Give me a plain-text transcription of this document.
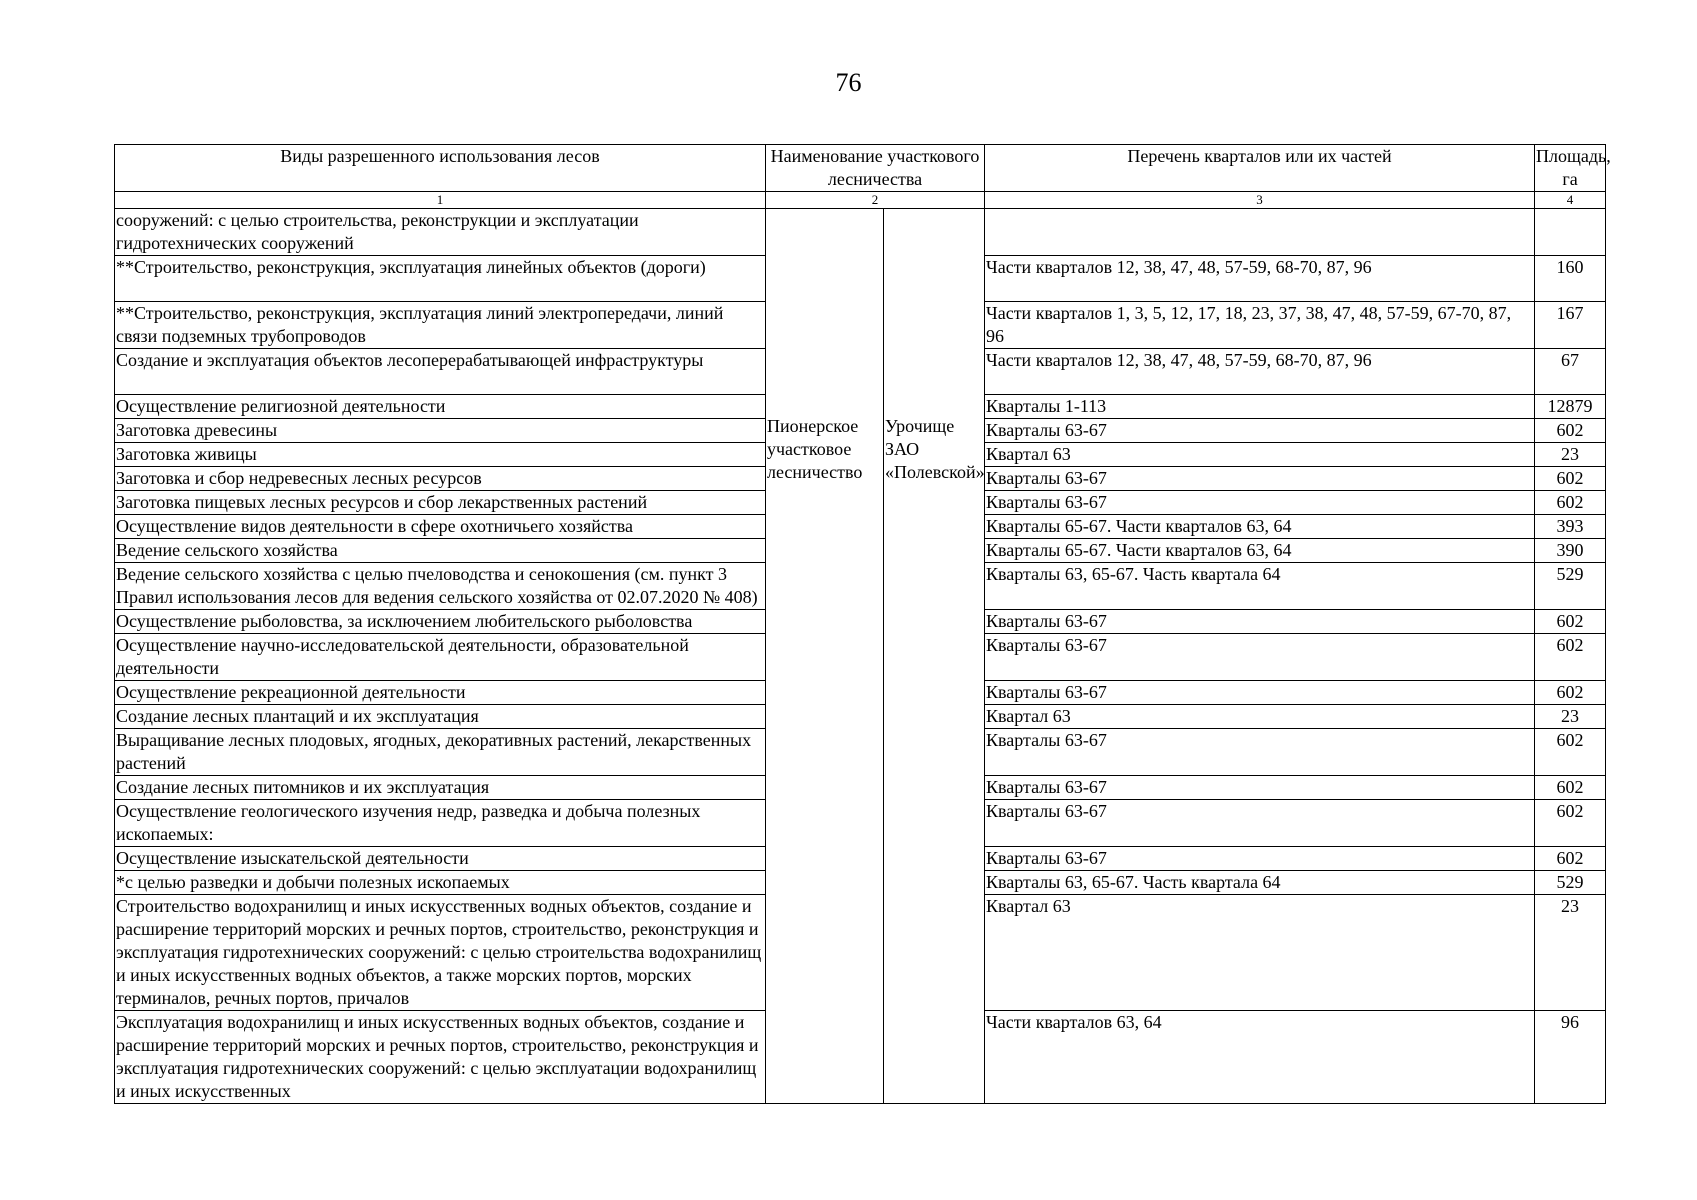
76
Виды разрешенного использования лесов	Наименование участкового лесничества		Перечень кварталов или их частей	Площадь, га
1	2		3	4
сооружений: с целью строительства, реконструкции и эксплуатации гидротехнических сооружений	Пионерское участковое лесничество	Урочище ЗАО «Полевской»		
**Строительство, реконструкция, эксплуатация линейных объектов (дороги)			Части кварталов 12, 38, 47, 48, 57-59, 68-70, 87, 96	160
**Строительство, реконструкция, эксплуатация линий электропередачи, линий связи подземных трубопроводов			Части кварталов 1, 3, 5, 12, 17, 18, 23, 37, 38, 47, 48, 57-59, 67-70, 87, 96	167
Создание и эксплуатация объектов лесоперерабатывающей инфраструктуры			Части кварталов 12, 38, 47, 48, 57-59, 68-70, 87, 96	67
Осуществление религиозной деятельности			Кварталы 1-113	12879
Заготовка древесины			Кварталы 63-67	602
Заготовка живицы			Квартал 63	23
Заготовка и сбор недревесных лесных ресурсов			Кварталы 63-67	602
Заготовка пищевых лесных ресурсов и сбор лекарственных растений			Кварталы 63-67	602
Осуществление видов деятельности в сфере охотничьего хозяйства			Кварталы 65-67. Части кварталов 63, 64	393
Ведение сельского хозяйства			Кварталы 65-67. Части кварталов 63, 64	390
Ведение сельского хозяйства с целью пчеловодства и сенокошения (см. пункт 3 Правил использования лесов для ведения сельского хозяйства от 02.07.2020 № 408)			Кварталы 63, 65-67. Часть квартала 64	529
Осуществление рыболовства, за исключением любительского рыболовства			Кварталы 63-67	602
Осуществление научно-исследовательской деятельности, образовательной деятельности			Кварталы 63-67	602
Осуществление рекреационной деятельности			Кварталы 63-67	602
Создание лесных плантаций и их эксплуатация			Квартал 63	23
Выращивание лесных плодовых, ягодных, декоративных растений, лекарственных растений			Кварталы 63-67	602
Создание лесных питомников и их эксплуатация			Кварталы 63-67	602
Осуществление геологического изучения недр, разведка и добыча полезных ископаемых:			Кварталы 63-67	602
Осуществление изыскательской деятельности			Кварталы 63-67	602
*с целью разведки и добычи полезных ископаемых			Кварталы 63, 65-67. Часть квартала 64	529
Строительство водохранилищ и иных искусственных водных объектов, создание и расширение территорий морских и речных портов, строительство, реконструкция и эксплуатация гидротехнических сооружений: с целью строительства водохранилищ и иных искусственных водных объектов, а также морских портов, морских терминалов, речных портов, причалов			Квартал 63	23
Эксплуатация водохранилищ и иных искусственных водных объектов, создание и расширение территорий морских и речных портов, строительство, реконструкция и эксплуатация гидротехнических сооружений: с целью эксплуатации водохранилищ и иных искусственных			Части кварталов 63, 64	96
